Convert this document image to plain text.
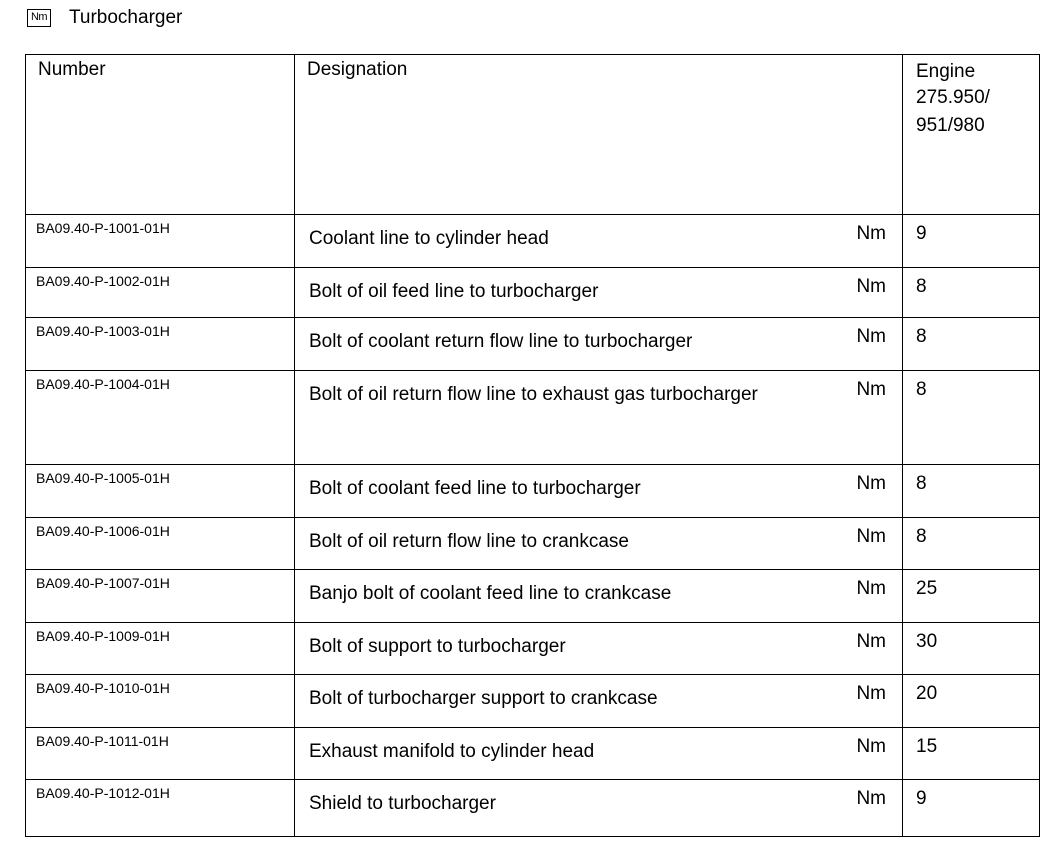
Nm Turbocharger
Number	Designation	Engine
275.950/
951/980

BA09.40-P-1001-01H	Coolant line to cylinder head Nm	9
BA09.40-P-1002-01H	Bolt of oil feed line to turbocharger Nm	8
BA09.40-P-1003-01H	Bolt of coolant return flow line to turbocharger Nm	8
BA09.40-P-1004-01H	Bolt of oil return flow line to exhaust gas turbocharger Nm	8
BA09.40-P-1005-01H	Bolt of coolant feed line to turbocharger Nm	8
BA09.40-P-1006-01H	Bolt of oil return flow line to crankcase Nm	8
BA09.40-P-1007-01H	Banjo bolt of coolant feed line to crankcase Nm	25
BA09.40-P-1009-01H	Bolt of support to turbocharger Nm	30
BA09.40-P-1010-01H	Bolt of turbocharger support to crankcase Nm	20
BA09.40-P-1011-01H	Exhaust manifold to cylinder head Nm	15
BA09.40-P-1012-01H	Shield to turbocharger Nm	9
